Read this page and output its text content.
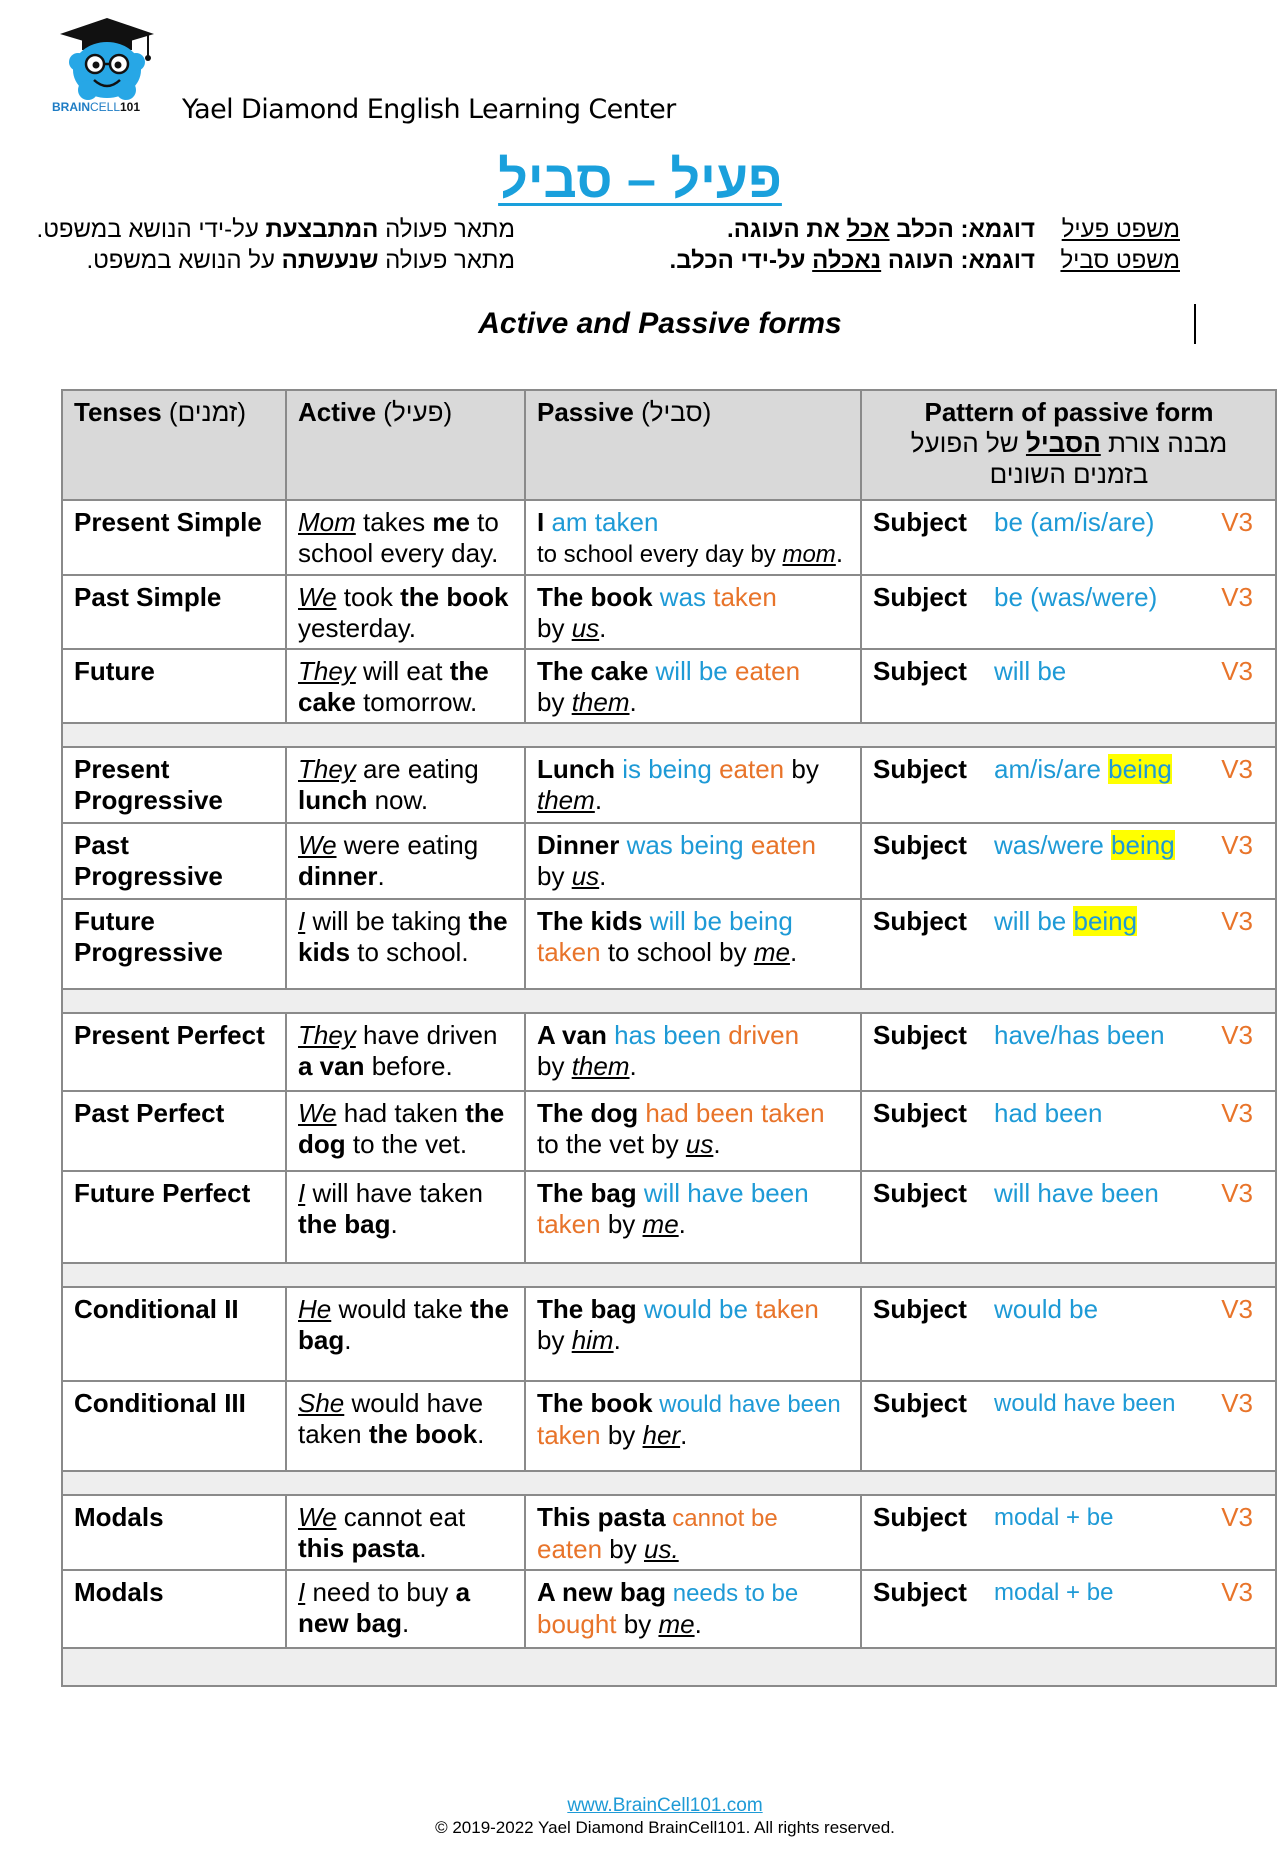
BRAIN CELL 101 Yael Diamond English Learning Center
פעיל – סביל
משפט פעילדוגמא: הכלב אכל את העוגה.מתאר פעולה המתבצעת על-ידי הנושא במשפט.
משפט סבילדוגמא: העוגה נאכלה על-ידי הכלב.מתאר פעולה שנעשתה על הנושא במשפט.
Active and Passive forms
Tenses (זמנים)	Active (פעיל)	Passive (סביל)	Pattern of passive form
מבנה צורת הסביל של הפועל בזמנים השונים

Present Simple	Mom takes me to school every day.	I am taken
to school every day by mom.	Subject be (am/is/are) V3

Past Simple	We took the book yesterday.	The book was taken
by us.	Subject be (was/were) V3

Future	They will eat the cake tomorrow.	The cake will be eaten
by them.	Subject will be V3

Present Progressive	They are eating lunch now.	Lunch is being eaten by them.	Subject am/is/are being V3

Past Progressive	We were eating dinner.	Dinner was being eaten
by us.	Subject was/were being V3

Future Progressive	I will be taking the kids to school.	The kids will be being
taken to school by me.	Subject will be being V3

Present Perfect	They have driven a van before.	A van has been driven
by them.	Subject have/has been V3

Past Perfect	We had taken the dog to the vet.	The dog had been taken
to the vet by us.	Subject had been V3

Future Perfect	I will have taken the bag.	The bag will have been
taken by me.	Subject will have been V3

Conditional II	He would take the bag.	The bag would be taken
by him.	Subject would be V3

Conditional III	She would have taken the book.	The book would have been
taken by her.	Subject would have been V3

Modals	We cannot eat this pasta.	This pasta cannot be
eaten by us.	Subject modal + be V3

Modals	I need to buy a new bag.	A new bag needs to be
bought by me.	Subject modal + be V3

www.BrainCell101.com
© 2019-2022 Yael Diamond BrainCell101. All rights reserved.
